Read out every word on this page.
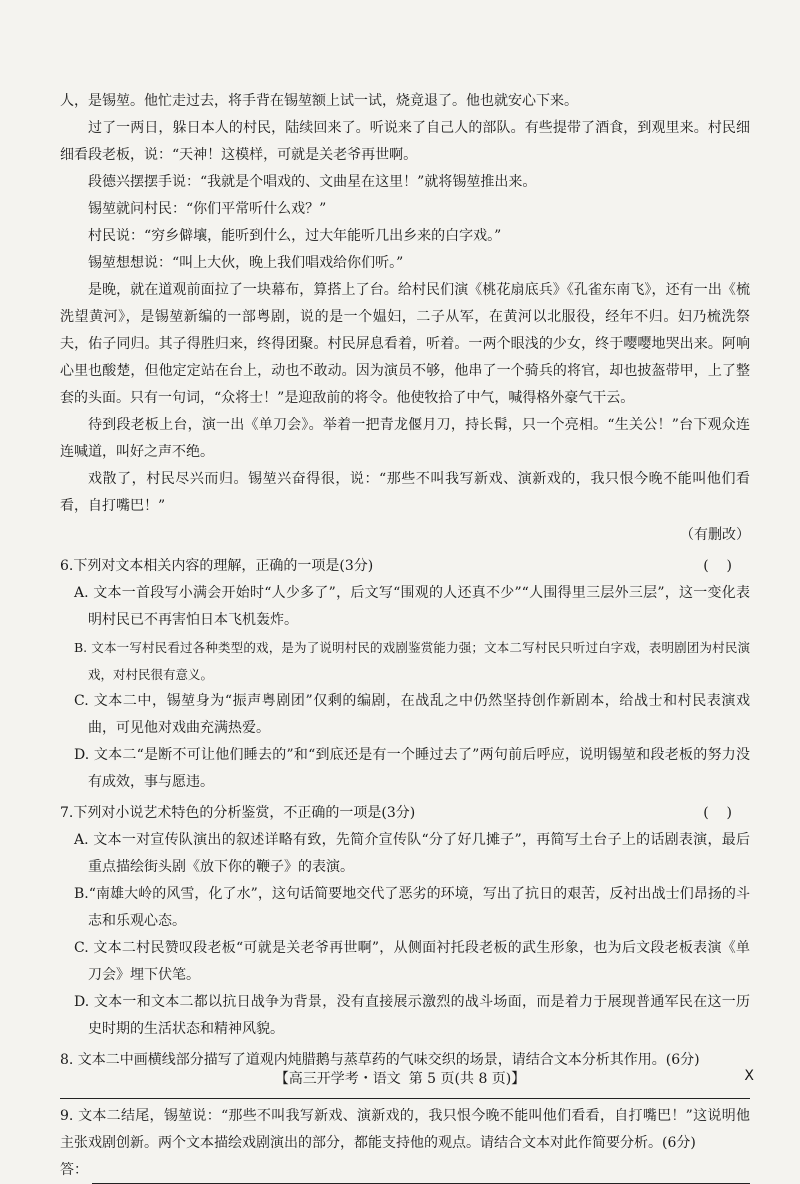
人，是锡堃。他忙走过去，将手背在锡堃额上试一试，烧竟退了。他也就安心下来。

过了一两日，躲日本人的村民，陆续回来了。听说来了自己人的部队。有些提带了酒食，到观里来。村民细细看段老板，说：“天神！这模样，可就是关老爷再世啊。

段德兴摆摆手说：“我就是个唱戏的、文曲星在这里！”就将锡堃推出来。

锡堃就问村民：“你们平常听什么戏？”

村民说：“穷乡僻壤，能听到什么，过大年能听几出乡来的白字戏。”

锡堃想想说：“叫上大伙，晚上我们唱戏给你们听。”

是晚，就在道观前面拉了一块幕布，算搭上了台。给村民们演《桃花扇底兵》《孔雀东南飞》，还有一出《梳洗望黄河》，是锡堃新编的一部粤剧，说的是一个媪妇，二子从军，在黄河以北服役，经年不归。妇乃梳洗祭夫，佑子同归。其子得胜归来，终得团聚。村民屏息看着，听着。一两个眼浅的少女，终于嘤嘤地哭出来。阿响心里也酸楚，但他定定站在台上，动也不敢动。因为演员不够，他串了一个骑兵的将官，却也披盔带甲，上了整套的头面。只有一句词，“众将士！”是迎敌前的将令。他使牧拾了中气，喊得格外豪气干云。

待到段老板上台，演一出《单刀会》。举着一把青龙偃月刀，持长髯，只一个亮相。“生关公！”台下观众连连喊道，叫好之声不绝。

戏散了，村民尽兴而归。锡堃兴奋得很，说：“那些不叫我写新戏、演新戏的，我只恨今晚不能叫他们看看，自打嘴巴！”

（有删改）

6.下列对文本相关内容的理解，正确的一项是(3分)	(    )

A. 文本一首段写小满会开始时“人少多了”，后文写“围观的人还真不少”“人围得里三层外三层”，这一变化表明村民已不再害怕日本飞机轰炸。

B. 文本一写村民看过各种类型的戏，是为了说明村民的戏剧鉴赏能力强；文本二写村民只听过白字戏，表明剧团为村民演戏，对村民很有意义。

C. 文本二中，锡堃身为“振声粤剧团”仅剩的编剧，在战乱之中仍然坚持创作新剧本，给战士和村民表演戏曲，可见他对戏曲充满热爱。

D. 文本二“是断不可让他们睡去的”和“到底还是有一个睡过去了”两句前后呼应，说明锡堃和段老板的努力没有成效，事与愿违。

7.下列对小说艺术特色的分析鉴赏，不正确的一项是(3分)	(    )

A. 文本一对宣传队演出的叙述详略有致，先简介宣传队“分了好几摊子”，再简写土台子上的话剧表演，最后重点描绘街头剧《放下你的鞭子》的表演。

B.“南雄大岭的风雪，化了水”，这句话简要地交代了恶劣的环境，写出了抗日的艰苦，反衬出战士们昂扬的斗志和乐观心态。

C. 文本二村民赞叹段老板“可就是关老爷再世啊”，从侧面衬托段老板的武生形象，也为后文段老板表演《单刀会》埋下伏笔。

D. 文本一和文本二都以抗日战争为背景，没有直接展示激烈的战斗场面，而是着力于展现普通军民在这一历史时期的生活状态和精神风貌。

8. 文本二中画横线部分描写了道观内炖腊鹅与蒸草药的气味交织的场景，请结合文本分析其作用。(6分)

9. 文本二结尾，锡堃说：“那些不叫我写新戏、演新戏的，我只恨今晚不能叫他们看看，自打嘴巴！”这说明他主张戏剧创新。两个文本描绘戏剧演出的部分，都能支持他的观点。请结合文本对此作简要分析。(6分)

答：

【高三开学考・语文 第 5 页(共 8 页)】	X
